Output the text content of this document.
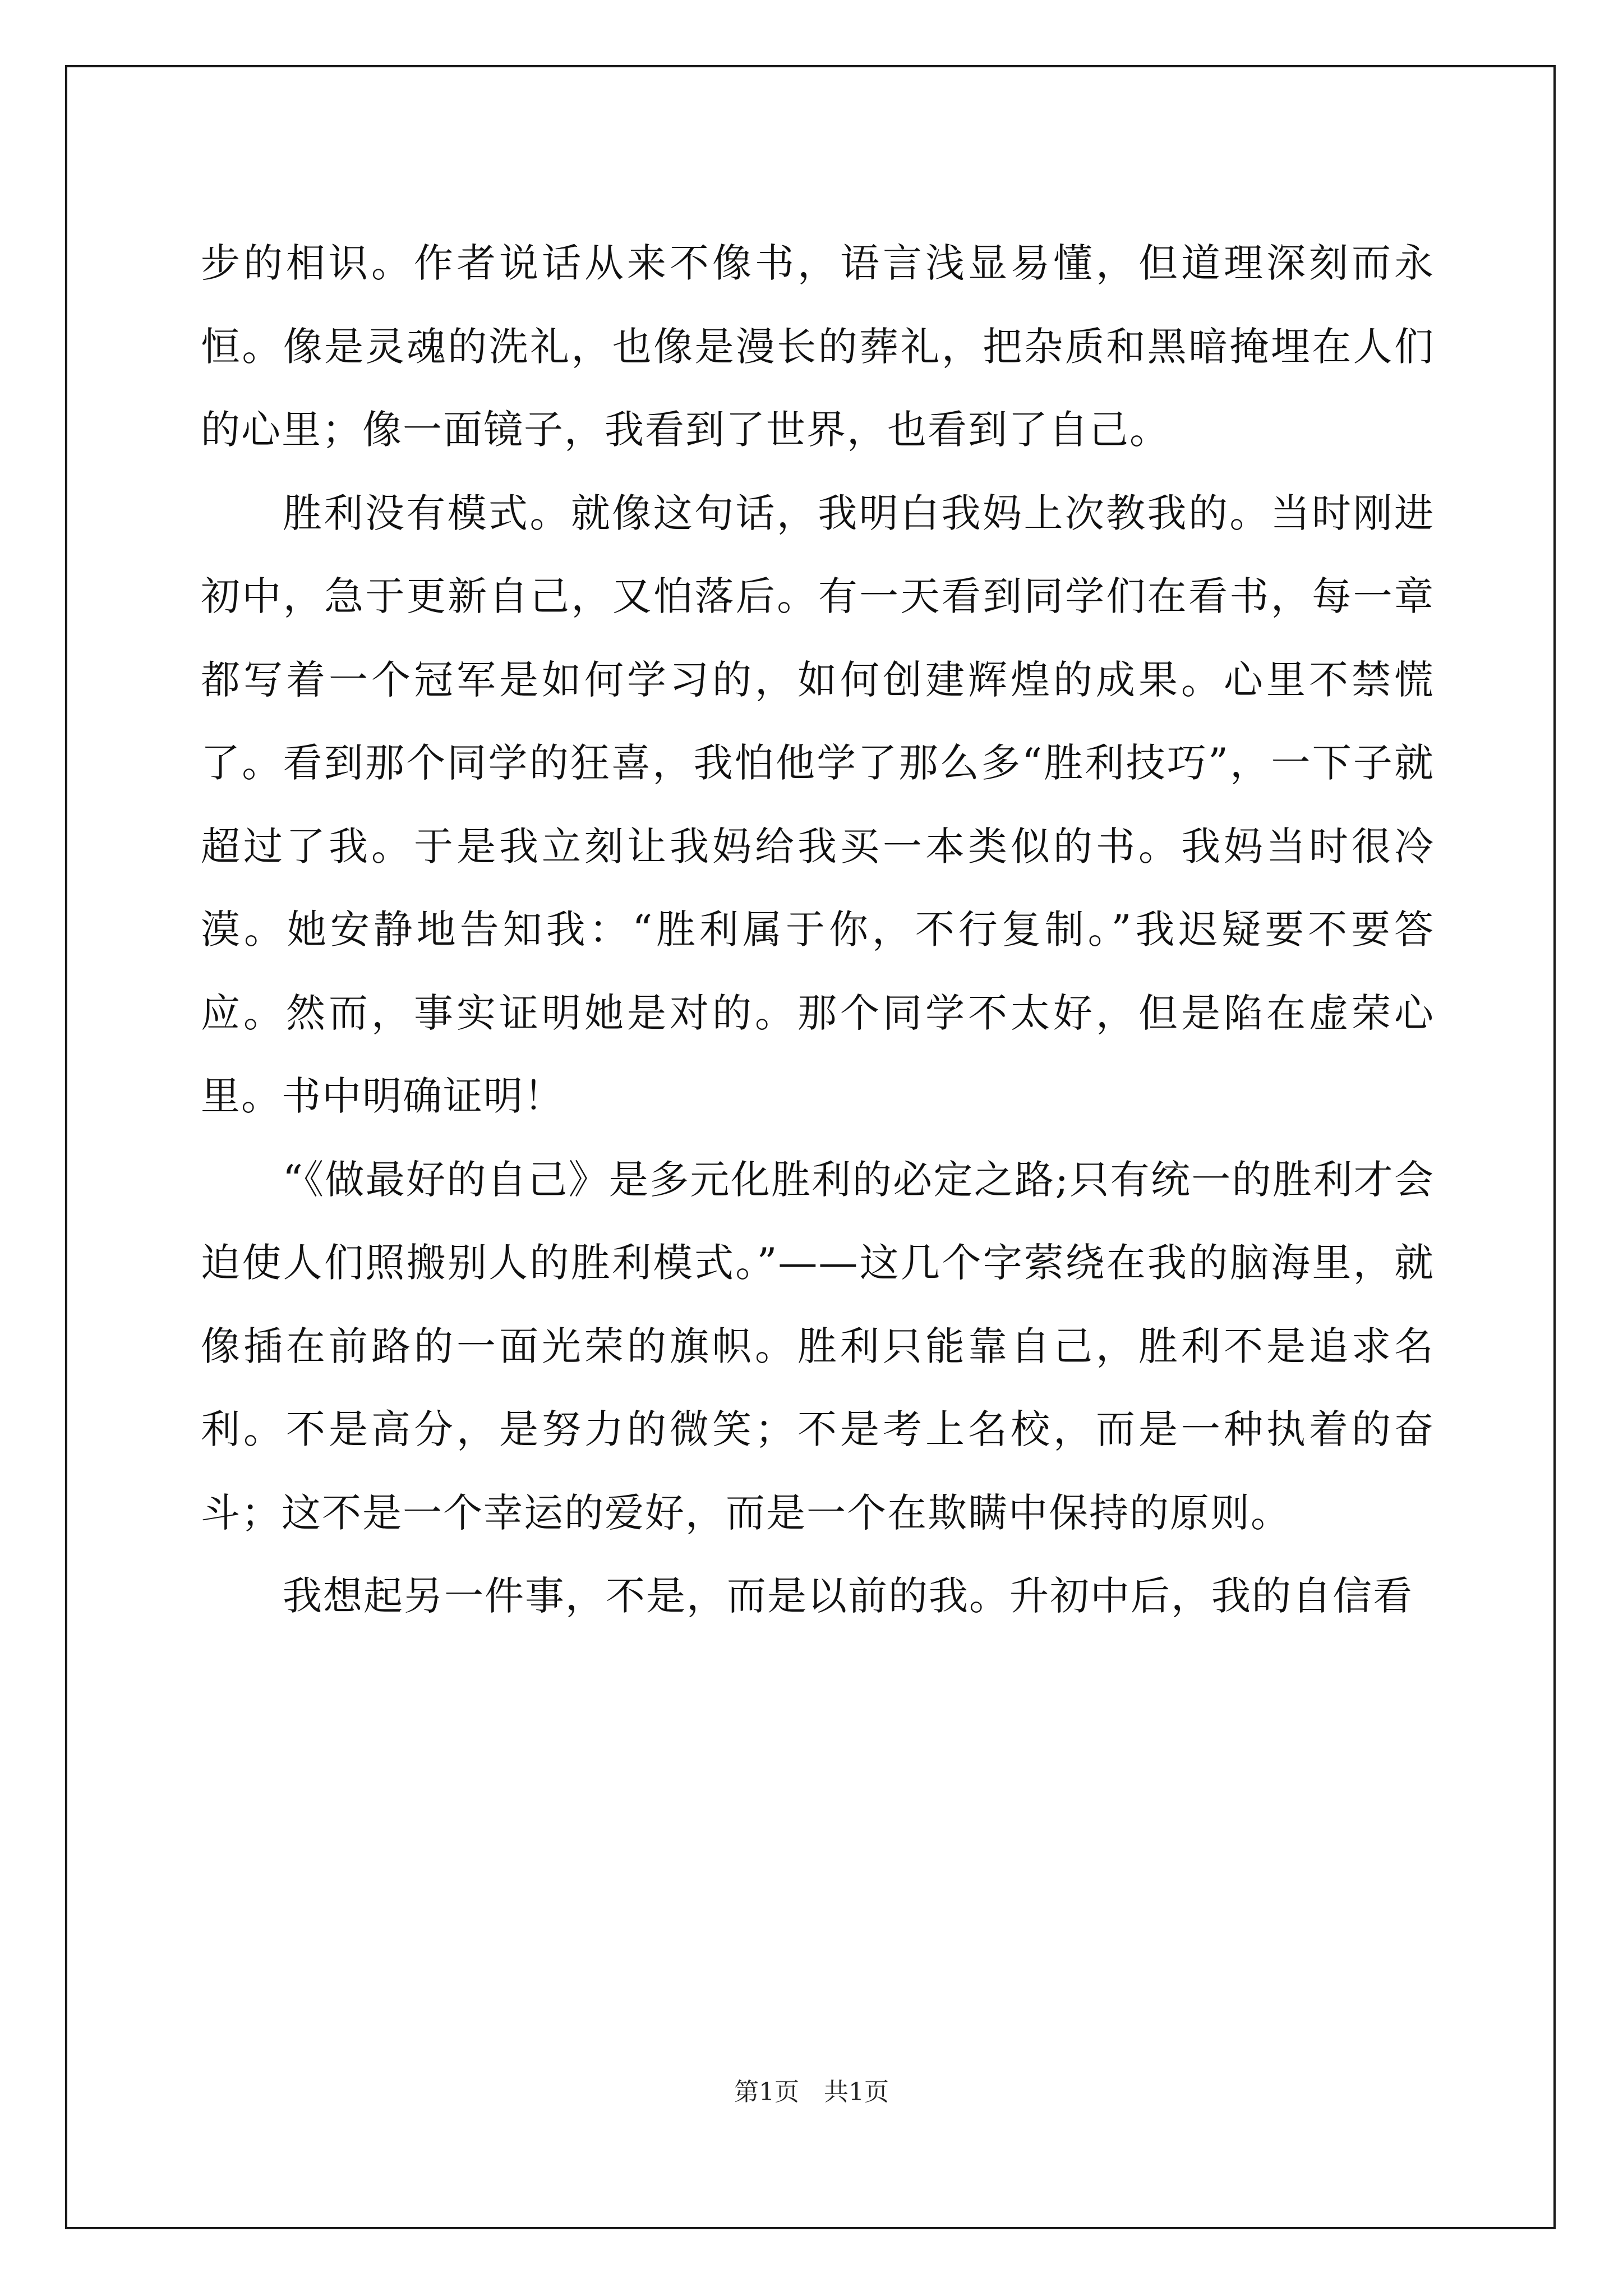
步的相识。作者说话从来不像书，语言浅显易懂，但道理深刻而永恒。像是灵魂的洗礼，也像是漫长的葬礼，把杂质和黑暗掩埋在人们的心里；像一面镜子，我看到了世界，也看到了自己。

胜利没有模式。就像这句话，我明白我妈上次教我的。当时刚进初中，急于更新自己，又怕落后。有一天看到同学们在看书，每一章都写着一个冠军是如何学习的，如何创建辉煌的成果。心里不禁慌了。看到那个同学的狂喜，我怕他学了那么多“胜利技巧”，一下子就超过了我。于是我立刻让我妈给我买一本类似的书。我妈当时很冷漠。她安静地告知我：“胜利属于你，不行复制。”我迟疑要不要答应。然而，事实证明她是对的。那个同学不太好，但是陷在虚荣心里。书中明确证明！

“《做最好的自己》是多元化胜利的必定之路;只有统一的胜利才会迫使人们照搬别人的胜利模式。”——这几个字萦绕在我的脑海里，就像插在前路的一面光荣的旗帜。胜利只能靠自己，胜利不是追求名利。不是高分，是努力的微笑；不是考上名校，而是一种执着的奋斗；这不是一个幸运的爱好，而是一个在欺瞒中保持的原则。

我想起另一件事，不是，而是以前的我。升初中后，我的自信看

第1页　共1页
